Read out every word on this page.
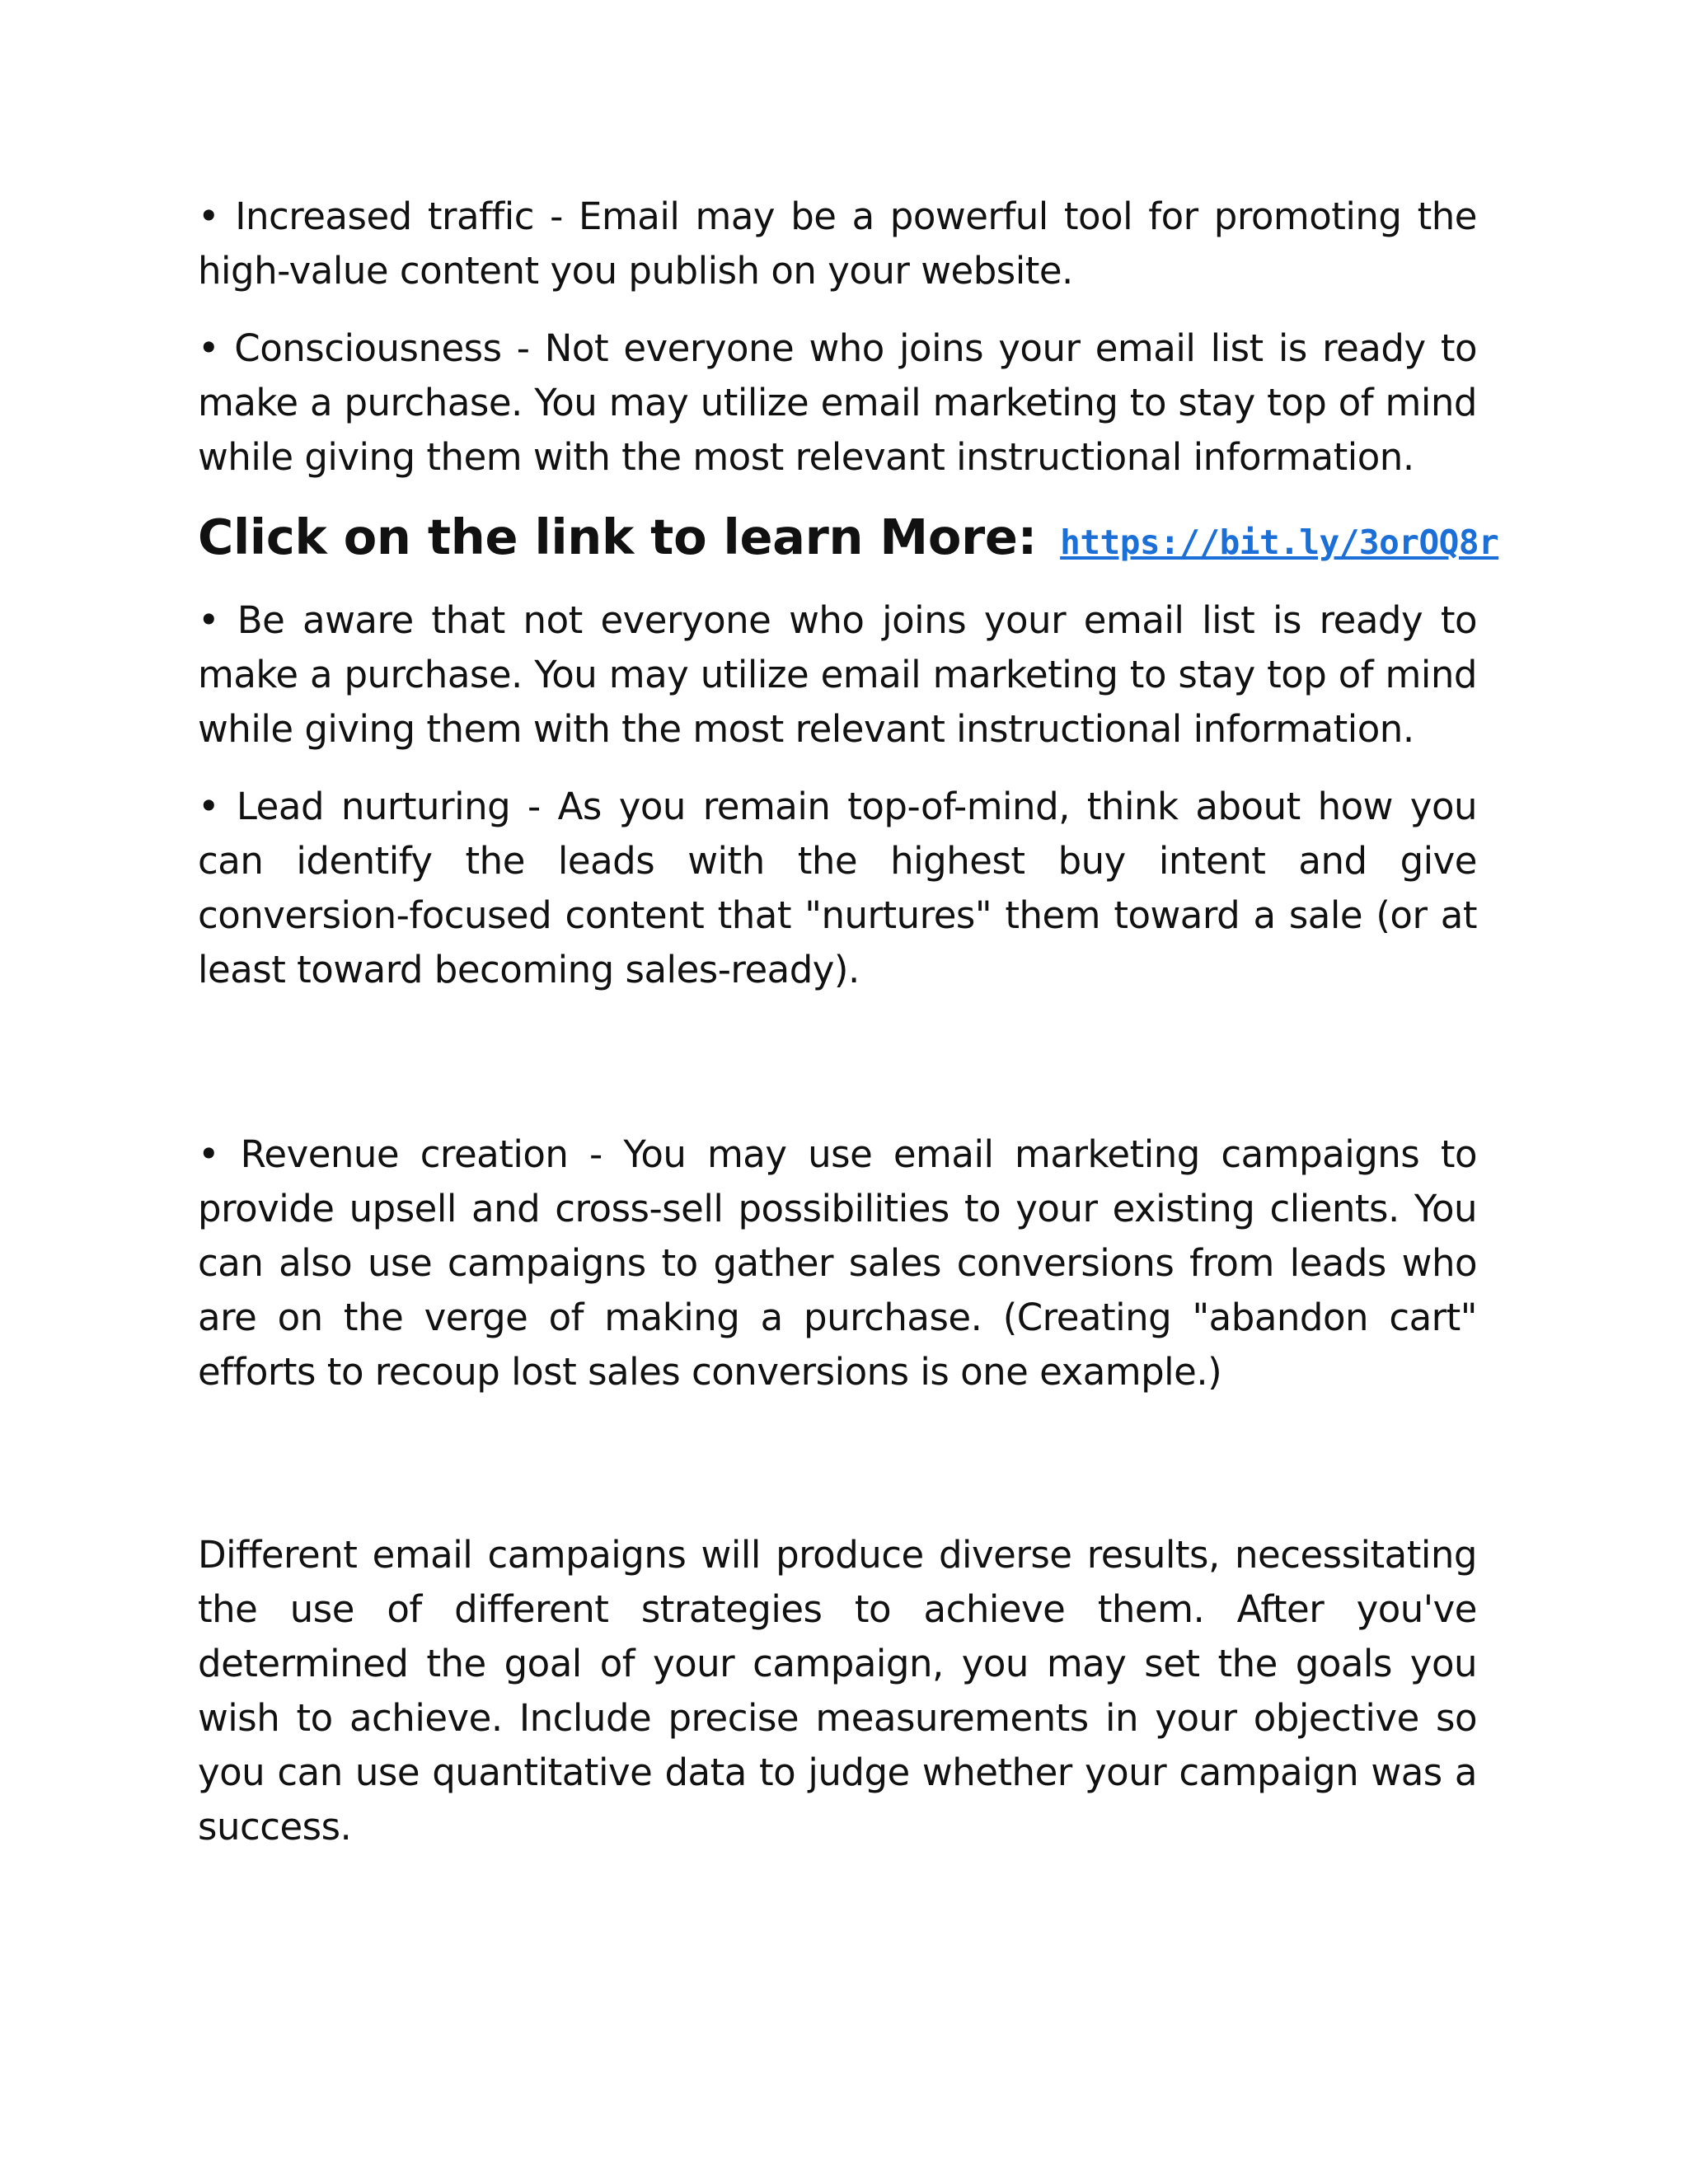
• Increased traffic - Email may be a powerful tool for promoting the high-value content you publish on your website.

• Consciousness - Not everyone who joins your email list is ready to make a purchase. You may utilize email marketing to stay top of mind while giving them with the most relevant instructional information.

Click on the link to learn More: https://bit.ly/3orOQ8r

• Be aware that not everyone who joins your email list is ready to make a purchase. You may utilize email marketing to stay top of mind while giving them with the most relevant instructional information.

• Lead nurturing - As you remain top-of-mind, think about how you can identify the leads with the highest buy intent and give conversion-focused content that "nurtures" them toward a sale (or at least toward becoming sales-ready).

• Revenue creation - You may use email marketing campaigns to provide upsell and cross-sell possibilities to your existing clients. You can also use campaigns to gather sales conversions from leads who are on the verge of making a purchase. (Creating "abandon cart" efforts to recoup lost sales conversions is one example.)

Different email campaigns will produce diverse results, necessitating the use of different strategies to achieve them. After you've determined the goal of your campaign, you may set the goals you wish to achieve. Include precise measurements in your objective so you can use quantitative data to judge whether your campaign was a success.
